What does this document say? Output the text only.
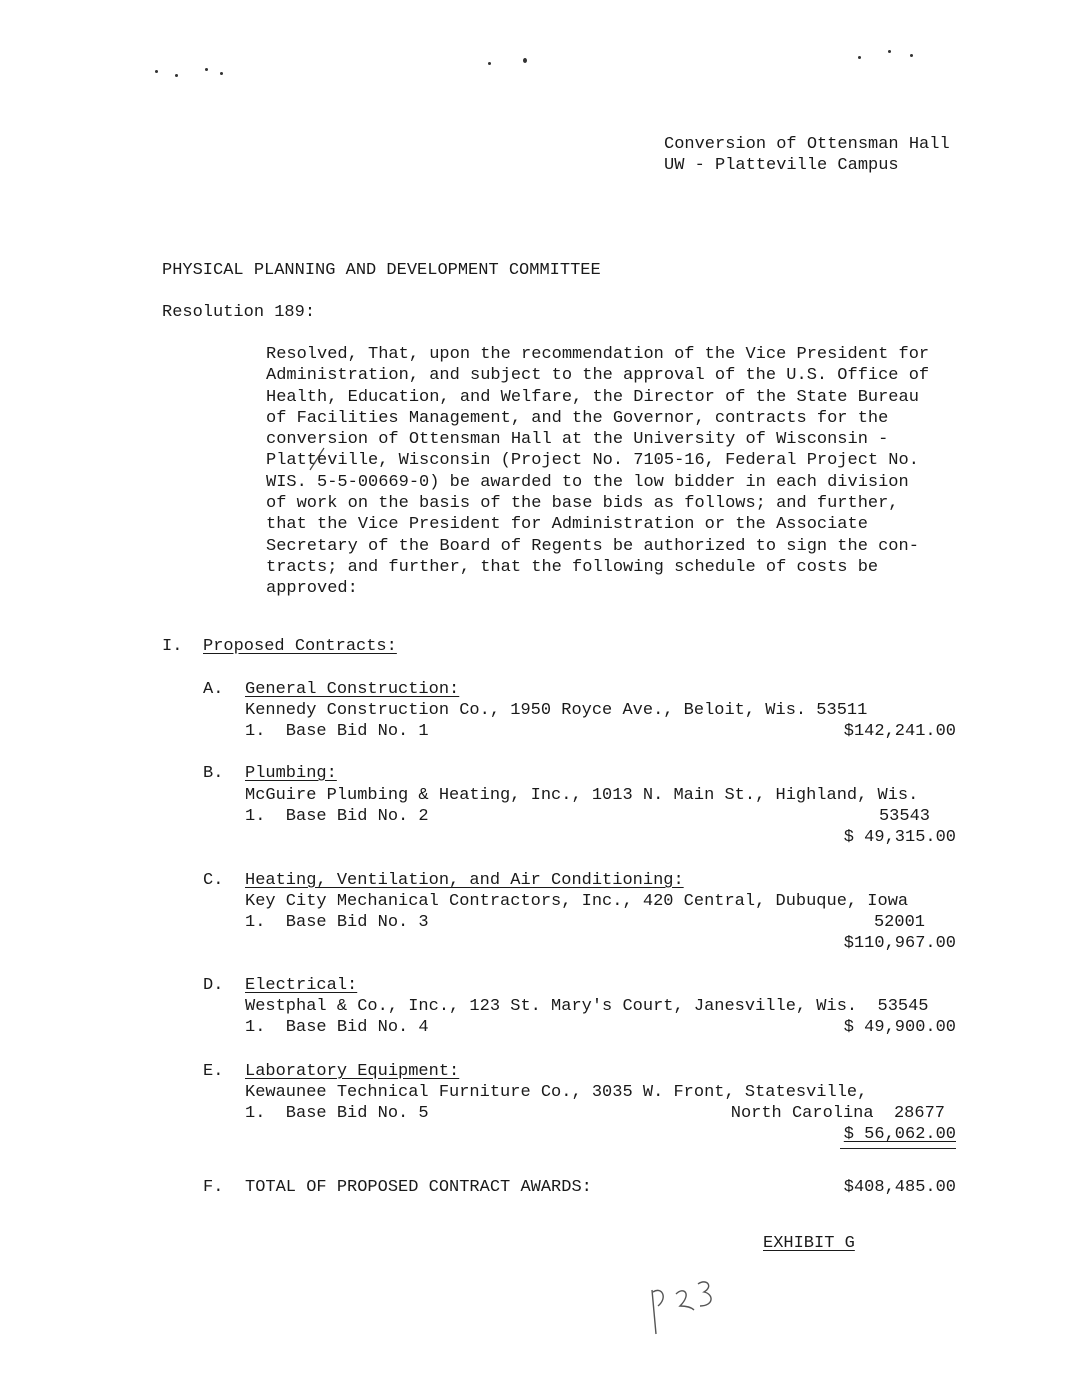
Conversion of Ottensman Hall
UW - Platteville Campus
PHYSICAL PLANNING AND DEVELOPMENT COMMITTEE
Resolution 189:
Resolved, That, upon the recommendation of the Vice President for
Administration, and subject to the approval of the U.S. Office of
Health, Education, and Welfare, the Director of the State Bureau
of Facilities Management, and the Governor, contracts for the
conversion of Ottensman Hall at the University of Wisconsin -
Platteville, Wisconsin (Project No. 7105-16, Federal Project No.
WIS. 5-5-00669-0) be awarded to the low bidder in each division
of work on the basis of the base bids as follows; and further,
that the Vice President for Administration or the Associate
Secretary of the Board of Regents be authorized to sign the con-
tracts; and further, that the following schedule of costs be
approved:
I. Proposed Contracts:
A. General Construction:
Kennedy Construction Co., 1950 Royce Ave., Beloit, Wis. 53511
1.  Base Bid No. 1	$142,241.00
B. Plumbing:
McGuire Plumbing & Heating, Inc., 1013 N. Main St., Highland, Wis.
1.  Base Bid No. 2	53543
$ 49,315.00
C. Heating, Ventilation, and Air Conditioning:
Key City Mechanical Contractors, Inc., 420 Central, Dubuque, Iowa
1.  Base Bid No. 3	52001
$110,967.00
D. Electrical:
Westphal & Co., Inc., 123 St. Mary's Court, Janesville, Wis.  53545
1.  Base Bid No. 4	$ 49,900.00
E. Laboratory Equipment:
Kewaunee Technical Furniture Co., 3035 W. Front, Statesville,
1.  Base Bid No. 5	North Carolina  28677
$ 56,062.00
F. TOTAL OF PROPOSED CONTRACT AWARDS:	$408,485.00
EXHIBIT G
